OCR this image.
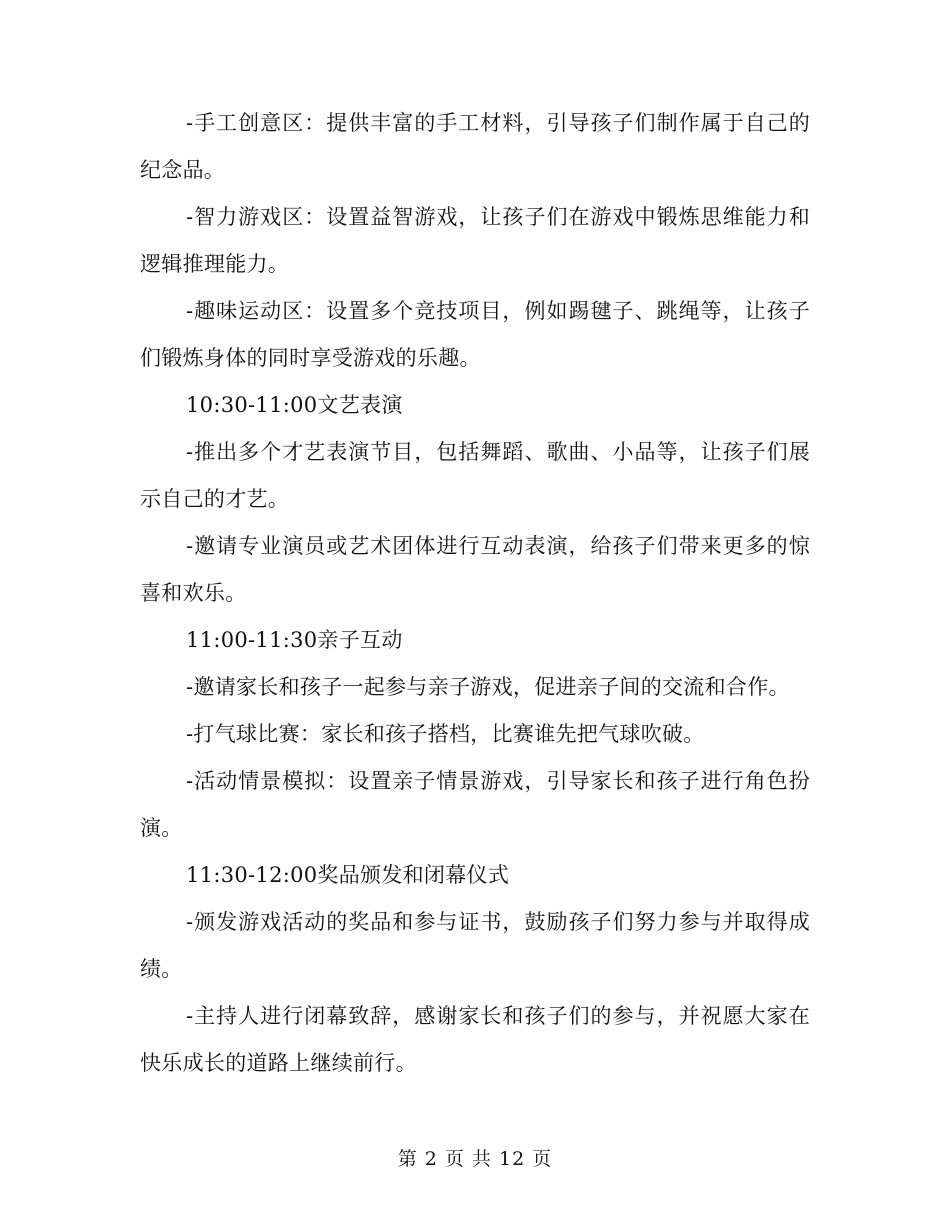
-手工创意区：提供丰富的手工材料，引导孩子们制作属于自己的纪念品。

-智力游戏区：设置益智游戏，让孩子们在游戏中锻炼思维能力和逻辑推理能力。

-趣味运动区：设置多个竞技项目，例如踢毽子、跳绳等，让孩子们锻炼身体的同时享受游戏的乐趣。

10:30-11:00文艺表演

-推出多个才艺表演节目，包括舞蹈、歌曲、小品等，让孩子们展示自己的才艺。

-邀请专业演员或艺术团体进行互动表演，给孩子们带来更多的惊喜和欢乐。

11:00-11:30亲子互动

-邀请家长和孩子一起参与亲子游戏，促进亲子间的交流和合作。

-打气球比赛：家长和孩子搭档，比赛谁先把气球吹破。

-活动情景模拟：设置亲子情景游戏，引导家长和孩子进行角色扮演。

11:30-12:00奖品颁发和闭幕仪式

-颁发游戏活动的奖品和参与证书，鼓励孩子们努力参与并取得成绩。

-主持人进行闭幕致辞，感谢家长和孩子们的参与，并祝愿大家在快乐成长的道路上继续前行。

第 2 页 共 12 页
